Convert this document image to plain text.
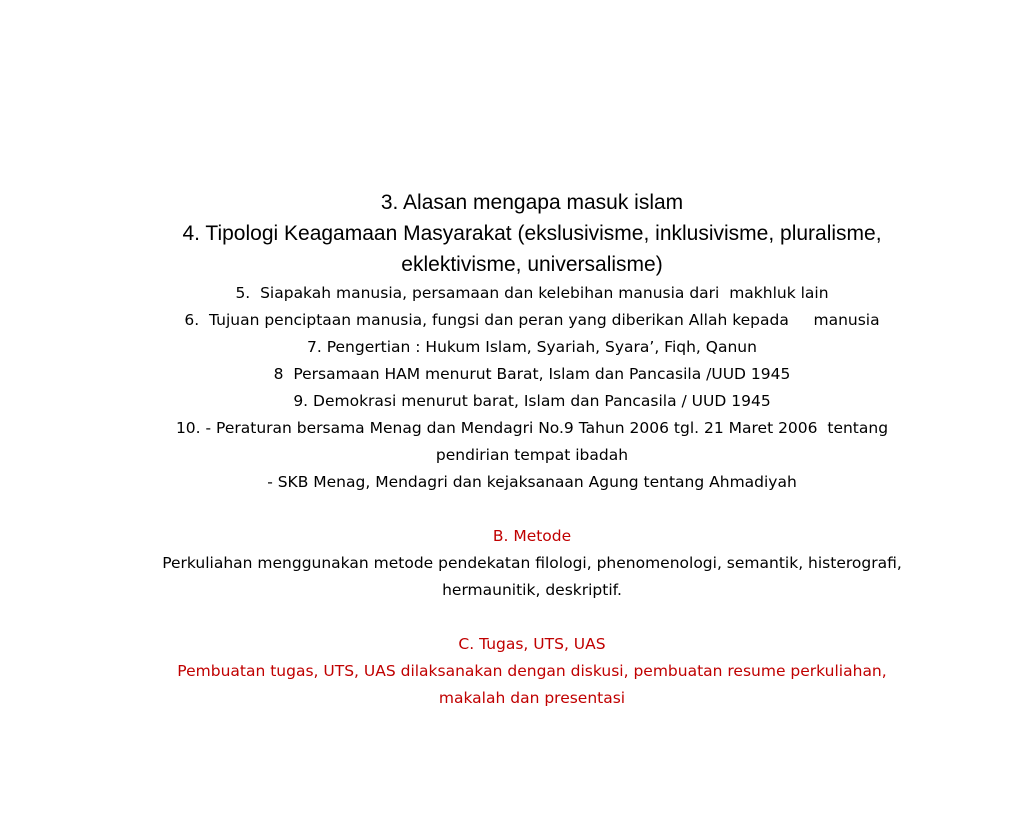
3. Alasan mengapa masuk islam
4. Tipologi Keagamaan Masyarakat (ekslusivisme, inklusivisme, pluralisme,
eklektivisme, universalisme)
5.  Siapakah manusia, persamaan dan kelebihan manusia dari  makhluk lain
6.  Tujuan penciptaan manusia, fungsi dan peran yang diberikan Allah kepada     manusia
7. Pengertian : Hukum Islam, Syariah, Syara’, Fiqh, Qanun
8  Persamaan HAM menurut Barat, Islam dan Pancasila /UUD 1945
9. Demokrasi menurut barat, Islam dan Pancasila / UUD 1945
10. - Peraturan bersama Menag dan Mendagri No.9 Tahun 2006 tgl. 21 Maret 2006  tentang
pendirian tempat ibadah
- SKB Menag, Mendagri dan kejaksanaan Agung tentang Ahmadiyah
B. Metode
Perkuliahan menggunakan metode pendekatan filologi, phenomenologi, semantik, histerografi,
hermaunitik, deskriptif.
C. Tugas, UTS, UAS
Pembuatan tugas, UTS, UAS dilaksanakan dengan diskusi, pembuatan resume perkuliahan,
makalah dan presentasi
